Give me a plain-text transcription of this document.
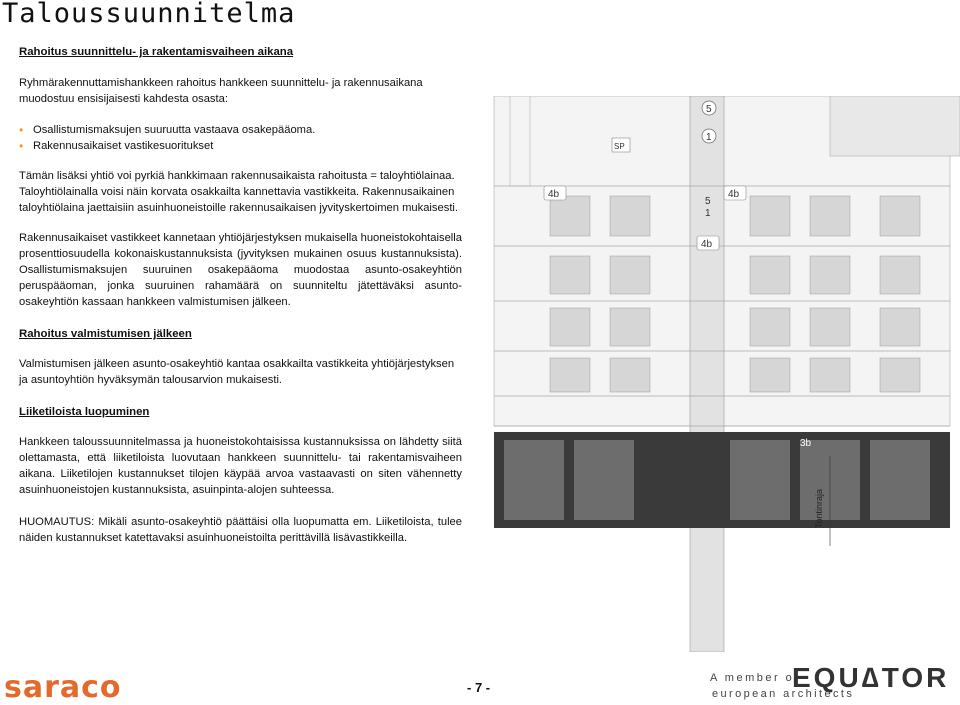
Taloussuunnitelma

Rahoitus suunnittelu- ja rakentamisvaiheen aikana

Ryhmärakennuttamishankkeen rahoitus hankkeen suunnittelu- ja rakennusaikana muodostuu ensisijaisesti kahdesta osasta:

• Osallistumismaksujen suuruutta vastaava osakepääoma.
• Rakennusaikaiset vastikesuoritukset

Tämän lisäksi yhtiö voi pyrkiä hankkimaan rakennusaikaista rahoitusta = taloyhtiölainaa. Taloyhtiölainalla voisi näin korvata osakkailta kannettavia vastikkeita. Rakennusaikainen taloyhtiölaina jaettaisiin asuinhuoneistoille rakennusaikaisen jyvityskertoimen mukaisesti.

Rakennusaikaiset vastikkeet kannetaan yhtiöjärjestyksen mukaisella huoneistokohtaisella prosenttiosuudella kokonaiskustannuksista (jyvityksen mukainen osuus kustannuksista). Osallistumismaksujen suuruinen osakepääoma muodostaa asunto-osakeyhtiön peruspääoman, jonka suuruinen rahamäärä on suunniteltu jätettäväksi asunto-osakeyhtiön kassaan hankkeen valmistumisen jälkeen.

Rahoitus valmistumisen jälkeen

Valmistumisen jälkeen asunto-osakeyhtiö kantaa osakkailta vastikkeita yhtiöjärjestyksen ja asuntoyhtiön hyväksymän talousarvion mukaisesti.

Liiketiloista luopuminen

Hankkeen taloussuunnitelmassa ja huoneistokohtaisissa kustannuksissa on lähdetty siitä olettamasta, että liiketiloista luovutaan hankkeen suunnittelu- tai rakentamisvaiheen aikana. Liiketilojen kustannukset tilojen käypää arvoa vastaavasti on siten vähennetty asuinhuoneistojen kustannuksista, asuinpinta-alojen suhteessa.

HUOMAUTUS: Mikäli asunto-osakeyhtiö päättäisi olla luopumatta em. Liiketiloista, tulee näiden kustannukset katettavaksi asuinhuoneistoilta perittävillä lisävastikkeilla.

5
1
SP
4b
5
1
4b
4b
3b
Tontinraja
saraco	- 7 -
A member of
EQU∆TOR
european architects
